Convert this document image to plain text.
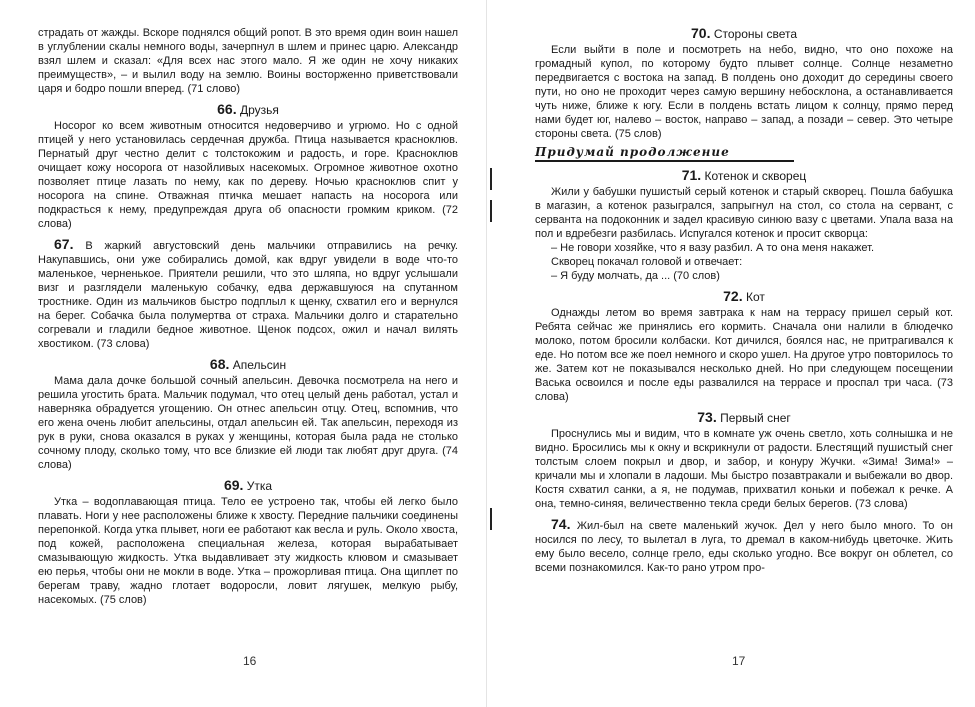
страдать от жажды. Вскоре поднялся общий ропот. В это время один воин нашел в углублении скалы немного воды, зачерпнул в шлем и принес царю. Александр взял шлем и сказал: «Для всех нас этого мало. Я же один не хочу никаких преимуществ», – и вылил воду на землю. Воины восторженно приветствовали царя и бодро пошли вперед. (71 слово)

66. Друзья

Носорог ко всем животным относится недоверчиво и угрюмо. Но с одной птицей у него установилась сердечная дружба. Птица называется красноклюв. Пернатый друг честно делит с толстокожим и радость, и горе. Красноклюв очищает кожу носорога от назойливых насекомых. Огромное животное охотно позволяет птице лазать по нему, как по дереву. Ночью красноклюв спит у носорога на спине. Отважная птичка мешает напасть на носорога или подкрасться к нему, предупреждая друга об опасности громким криком. (72 слова)

67. В жаркий августовский день мальчики отправились на речку. Накупавшись, они уже собирались домой, как вдруг увидели в воде что-то маленькое, черненькое. Приятели решили, что это шляпа, но вдруг услышали визг и разглядели маленькую собачку, едва державшуюся на спутанном тростнике. Один из мальчиков быстро подплыл к щенку, схватил его и вернулся на берег. Собачка была полумертва от страха. Мальчики долго и старательно согревали и гладили бедное животное. Щенок подсох, ожил и начал вилять хвостиком. (73 слова)

68. Апельсин

Мама дала дочке большой сочный апельсин. Девочка посмотрела на него и решила угостить брата. Мальчик подумал, что отец целый день работал, устал и наверняка обрадуется угощению. Он отнес апельсин отцу. Отец, вспомнив, что его жена очень любит апельсины, отдал апельсин ей. Так апельсин, переходя из рук в руки, снова оказался в руках у женщины, которая была рада не столько сочному плоду, сколько тому, что все близкие ей люди так любят друг друга. (74 слова)

69. Утка

Утка – водоплавающая птица. Тело ее устроено так, чтобы ей легко было плавать. Ноги у нее расположены ближе к хвосту. Передние пальчики соединены перепонкой. Когда утка плывет, ноги ее работают как весла и руль. Около хвоста, под кожей, расположена специальная железа, которая вырабатывает смазывающую жидкость. Утка выдавливает эту жидкость клювом и смазывает ею перья, чтобы они не мокли в воде. Утка – прожорливая птица. Она щиплет по берегам траву, жадно глотает водоросли, ловит лягушек, мелкую рыбу, насекомых. (75 слов)

16
70. Стороны света

Если выйти в поле и посмотреть на небо, видно, что оно похоже на громадный купол, по которому будто плывет солнце. Солнце незаметно передвигается с востока на запад. В полдень оно доходит до середины своего пути, но оно не проходит через самую вершину небосклона, а останавливается чуть ниже, ближе к югу. Если в полдень встать лицом к солнцу, прямо перед нами будет юг, налево – восток, направо – запад, а позади – север. Это четыре стороны света. (75 слов)

Придумай продолжение
71. Котенок и скворец

Жили у бабушки пушистый серый котенок и старый скворец. Пошла бабушка в магазин, а котенок разыгрался, запрыгнул на стол, со стола на сервант, с серванта на подоконник и задел красивую синюю вазу с цветами. Упала ваза на пол и вдребезги разбилась. Испугался котенок и просит скворца:

– Не говори хозяйке, что я вазу разбил. А то она меня накажет.

Скворец покачал головой и отвечает:

– Я буду молчать, да ... (70 слов)

72. Кот

Однажды летом во время завтрака к нам на террасу пришел серый кот. Ребята сейчас же принялись его кормить. Сначала они налили в блюдечко молоко, потом бросили колбаски. Кот дичился, боялся нас, не притрагивался к еде. Но потом все же поел немного и скоро ушел. На другое утро повторилось то же. Затем кот не показывался несколько дней. Но при следующем посещении Васька освоился и после еды развалился на террасе и проспал три часа. (73 слова)

73. Первый снег

Проснулись мы и видим, что в комнате уж очень светло, хоть солнышка и не видно. Бросились мы к окну и вскрикнули от радости. Блестящий пушистый снег толстым слоем покрыл и двор, и забор, и конуру Жучки. «Зима! Зима!» – кричали мы и хлопали в ладоши. Мы быстро позавтракали и выбежали во двор. Костя схватил санки, а я, не подумав, прихватил коньки и побежал к речке. А она, темно-синяя, величественно текла среди белых берегов. (73 слова)

74. Жил-был на свете маленький жучок. Дел у него было много. То он носился по лесу, то вылетал в луга, то дремал в каком-нибудь цветочке. Жить ему было весело, солнце грело, еды сколько угодно. Все вокруг он облетел, со всеми познакомился. Как-то рано утром про-

17
